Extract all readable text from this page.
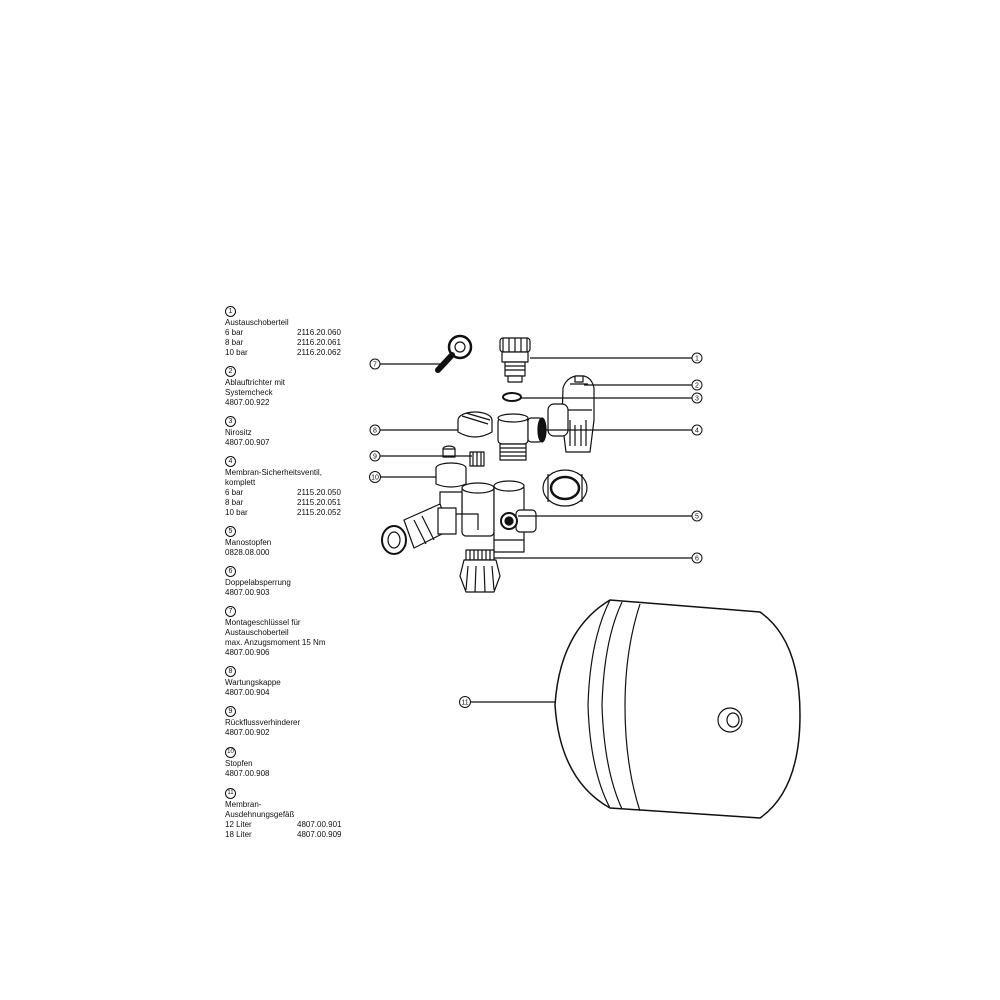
1
Austauschoberteil
6 bar	2116.20.060
8 bar	2116.20.061
10 bar	2116.20.062
2
Ablauftrichter mit
Systemcheck
4807.00.922
3
Nirositz
4807.00.907
4
Membran-Sicherheitsventil,
komplett
6 bar	2115.20.050
8 bar	2115.20.051
10 bar	2115.20.052
5
Manostopfen
0828.08.000
6
Doppelabsperrung
4807.00.903
7
Montageschlüssel für
Austauschoberteil
max. Anzugsmoment 15 Nm
4807.00.906
8
Wartungskappe
4807.00.904
9
Rückflussverhinderer
4807.00.902
10
Stopfen
4807.00.908
11
Membran-
Ausdehnungsgefäß
12 Liter	4807.00.901
18 Liter	4807.00.909
7
1
2
3
4
8
9
10
5
6
11
